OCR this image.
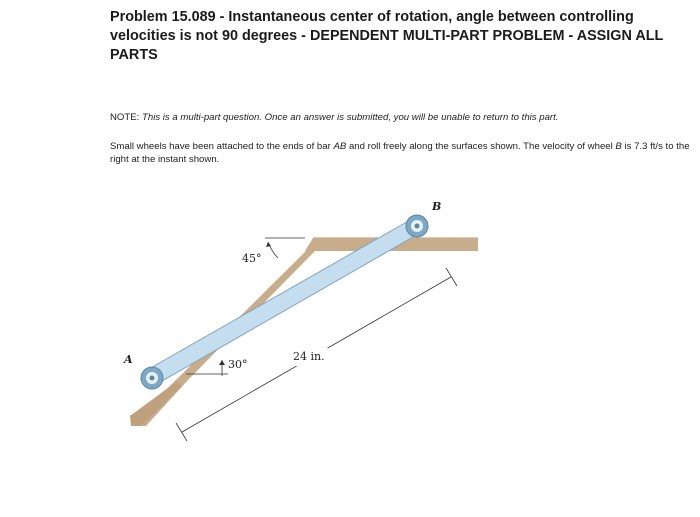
Problem 15.089 - Instantaneous center of rotation, angle between controlling velocities is not 90 degrees - DEPENDENT MULTI-PART PROBLEM - ASSIGN ALL PARTS
NOTE: This is a multi-part question. Once an answer is submitted, you will be unable to return to this part.
Small wheels have been attached to the ends of bar AB and roll freely along the surfaces shown. The velocity of wheel B is 7.3 ft/s to the right at the instant shown.
A
B
45°
30°
24 in.
